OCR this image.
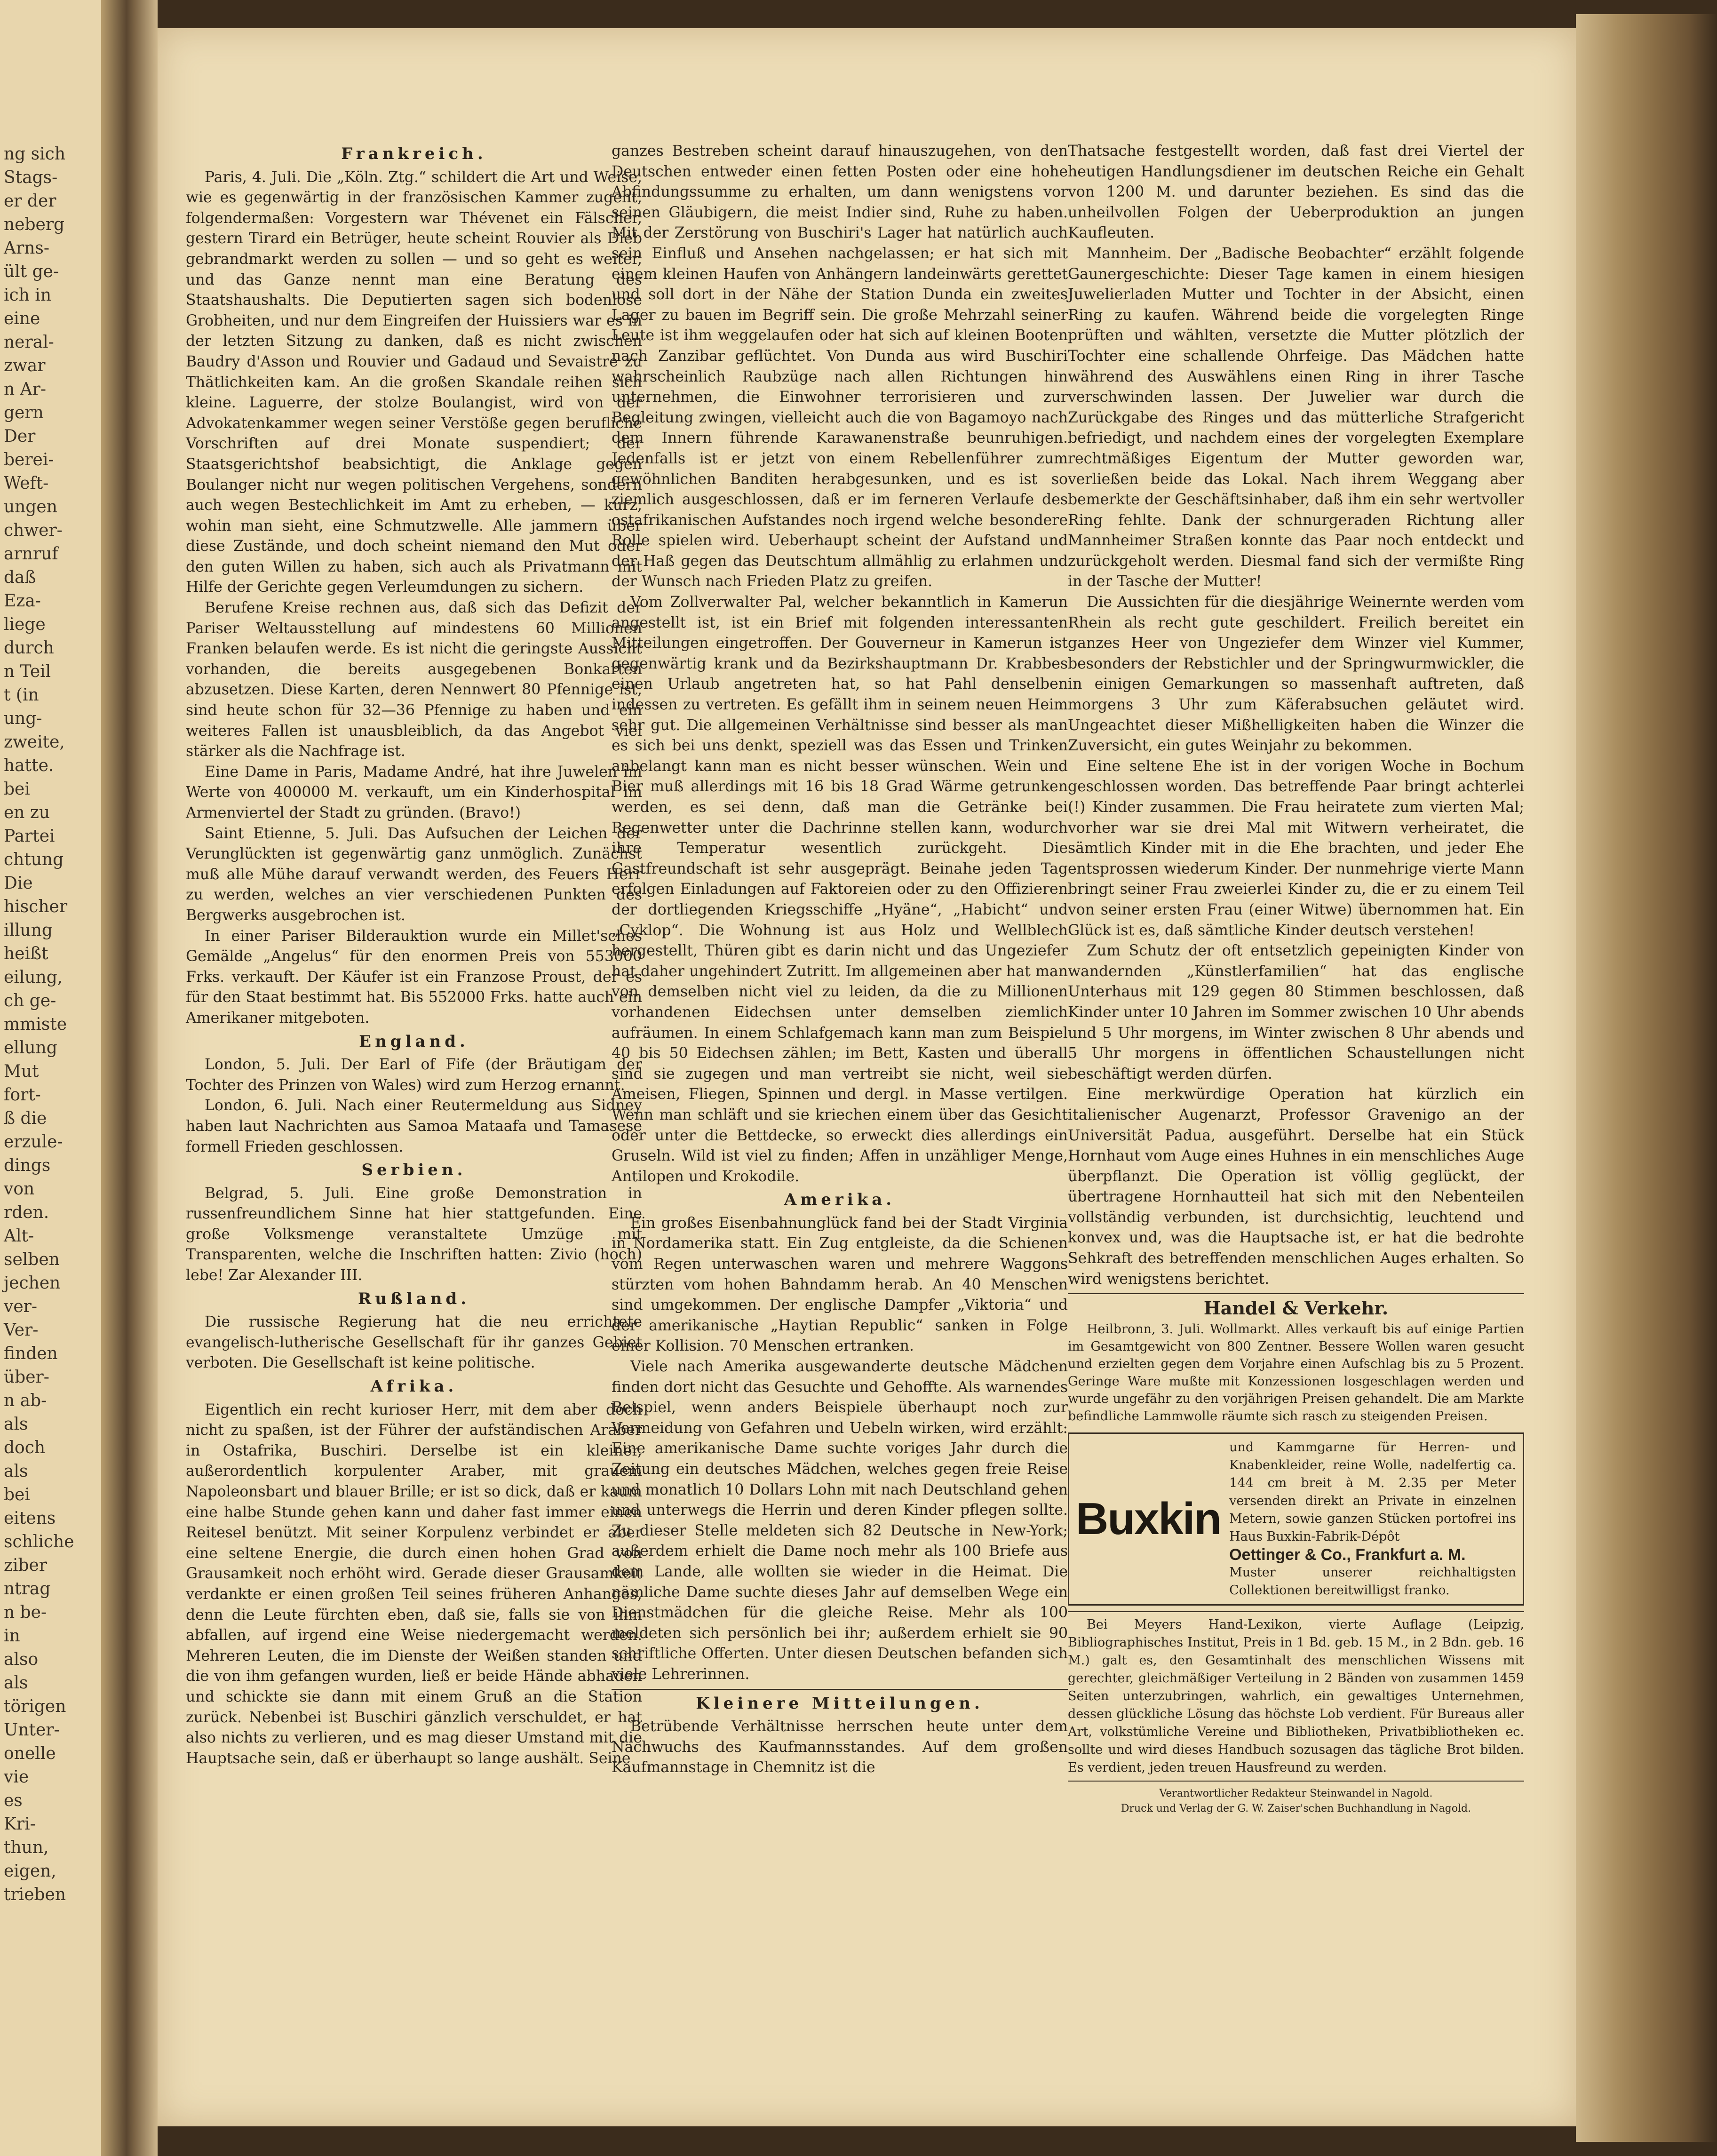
ng sich
Stags-
er der
neberg
Arns-
ült ge-
ich in
eine
neral-
zwar
n Ar-
gern
Der
berei-
Weft-
ungen
chwer-
arnruf
daß
Eza-
liege
durch
n Teil
t (in
ung-
zweite,
hatte.
bei
en zu
Partei
chtung
Die
hischer
illung
heißt
eilung,
ch ge-
mmiste
ellung
Mut
fort-
ß die
erzule-
dings
von
rden.
Alt-
selben
jechen
ver-
Ver-
finden
über-
n ab-
als
doch
als
bei
eitens
schliche
ziber
ntrag
n be-
in
also
als
törigen
Unter-
onelle
vie
es
Kri-
thun,
eigen,
trieben
Frankreich.

Paris, 4. Juli. Die „Köln. Ztg.“ schildert die Art und Weise, wie es gegenwärtig in der französischen Kammer zugeht, folgendermaßen: Vorgestern war Thévenet ein Fälscher, gestern Tirard ein Betrüger, heute scheint Rouvier als Dieb gebrandmarkt werden zu sollen — und so geht es weiter, und das Ganze nennt man eine Beratung des Staatshaushalts. Die Deputierten sagen sich bodenlose Grobheiten, und nur dem Eingreifen der Huissiers war es in der letzten Sitzung zu danken, daß es nicht zwischen Baudry d'Asson und Rouvier und Gadaud und Sevaistre zu Thätlichkeiten kam. An die großen Skandale reihen sich kleine. Laguerre, der stolze Boulangist, wird von der Advokatenkammer wegen seiner Verstöße gegen berufliche Vorschriften auf drei Monate suspendiert; der Staatsgerichtshof beabsichtigt, die Anklage gegen Boulanger nicht nur wegen politischen Vergehens, sondern auch wegen Bestechlichkeit im Amt zu erheben, — kurz, wohin man sieht, eine Schmutzwelle. Alle jammern über diese Zustände, und doch scheint niemand den Mut oder den guten Willen zu haben, sich auch als Privatmann mit Hilfe der Gerichte gegen Verleumdungen zu sichern.

Berufene Kreise rechnen aus, daß sich das Defizit der Pariser Weltausstellung auf mindestens 60 Millionen Franken belaufen werde. Es ist nicht die geringste Aussicht vorhanden, die bereits ausgegebenen Bonkarten abzusetzen. Diese Karten, deren Nennwert 80 Pfennige ist, sind heute schon für 32—36 Pfennige zu haben und ein weiteres Fallen ist unausbleiblich, da das Angebot viel stärker als die Nachfrage ist.

Eine Dame in Paris, Madame André, hat ihre Juwelen im Werte von 400000 M. verkauft, um ein Kinderhospital im Armenviertel der Stadt zu gründen. (Bravo!)

Saint Etienne, 5. Juli. Das Aufsuchen der Leichen der Verunglückten ist gegenwärtig ganz unmöglich. Zunächst muß alle Mühe darauf verwandt werden, des Feuers Herr zu werden, welches an vier verschiedenen Punkten des Bergwerks ausgebrochen ist.

In einer Pariser Bilderauktion wurde ein Millet'sches Gemälde „Angelus“ für den enormen Preis von 553000 Frks. verkauft. Der Käufer ist ein Franzose Proust, der es für den Staat bestimmt hat. Bis 552000 Frks. hatte auch ein Amerikaner mitgeboten.

England.

London, 5. Juli. Der Earl of Fife (der Bräutigam der Tochter des Prinzen von Wales) wird zum Herzog ernannt.

London, 6. Juli. Nach einer Reutermeldung aus Sidney haben laut Nachrichten aus Samoa Mataafa und Tamasese formell Frieden geschlossen.

Serbien.

Belgrad, 5. Juli. Eine große Demonstration in russenfreundlichem Sinne hat hier stattgefunden. Eine große Volksmenge veranstaltete Umzüge mit Transparenten, welche die Inschriften hatten: Zivio (hoch) lebe! Zar Alexander III.

Rußland.

Die russische Regierung hat die neu errichtete evangelisch-lutherische Gesellschaft für ihr ganzes Gebiet verboten. Die Gesellschaft ist keine politische.

Afrika.

Eigentlich ein recht kurioser Herr, mit dem aber doch nicht zu spaßen, ist der Führer der aufständischen Araber in Ostafrika, Buschiri. Derselbe ist ein kleiner, außerordentlich korpulenter Araber, mit grauem Napoleonsbart und blauer Brille; er ist so dick, daß er kaum eine halbe Stunde gehen kann und daher fast immer einen Reitesel benützt. Mit seiner Korpulenz verbindet er aber eine seltene Energie, die durch einen hohen Grad von Grausamkeit noch erhöht wird. Gerade dieser Grausamkeit verdankte er einen großen Teil seines früheren Anhanges, denn die Leute fürchten eben, daß sie, falls sie von ihm abfallen, auf irgend eine Weise niedergemacht werden. Mehreren Leuten, die im Dienste der Weißen standen und die von ihm gefangen wurden, ließ er beide Hände abhauen und schickte sie dann mit einem Gruß an die Station zurück. Nebenbei ist Buschiri gänzlich verschuldet, er hat also nichts zu verlieren, und es mag dieser Umstand mit die Hauptsache sein, daß er überhaupt so lange aushält. Seine

ganzes Bestreben scheint darauf hinauszugehen, von den Deutschen entweder einen fetten Posten oder eine hohe Abfindungssumme zu erhalten, um dann wenigstens vor seinen Gläubigern, die meist Indier sind, Ruhe zu haben. Mit der Zerstörung von Buschiri's Lager hat natürlich auch sein Einfluß und Ansehen nachgelassen; er hat sich mit einem kleinen Haufen von Anhängern landeinwärts gerettet und soll dort in der Nähe der Station Dunda ein zweites Lager zu bauen im Begriff sein. Die große Mehrzahl seiner Leute ist ihm weggelaufen oder hat sich auf kleinen Booten nach Zanzibar geflüchtet. Von Dunda aus wird Buschiri wahrscheinlich Raubzüge nach allen Richtungen hin unternehmen, die Einwohner terrorisieren und zur Begleitung zwingen, vielleicht auch die von Bagamoyo nach dem Innern führende Karawanenstraße beunruhigen. Jedenfalls ist er jetzt von einem Rebellenführer zum gewöhnlichen Banditen herabgesunken, und es ist so ziemlich ausgeschlossen, daß er im ferneren Verlaufe des ostafrikanischen Aufstandes noch irgend welche besondere Rolle spielen wird. Ueberhaupt scheint der Aufstand und der Haß gegen das Deutschtum allmählig zu erlahmen und der Wunsch nach Frieden Platz zu greifen.

Vom Zollverwalter Pal, welcher bekanntlich in Kamerun angestellt ist, ist ein Brief mit folgenden interessanten Mitteilungen eingetroffen. Der Gouverneur in Kamerun ist gegenwärtig krank und da Bezirkshauptmann Dr. Krabbes einen Urlaub angetreten hat, so hat Pahl denselben indessen zu vertreten. Es gefällt ihm in seinem neuen Heim sehr gut. Die allgemeinen Verhältnisse sind besser als man es sich bei uns denkt, speziell was das Essen und Trinken anbelangt kann man es nicht besser wünschen. Wein und Bier muß allerdings mit 16 bis 18 Grad Wärme getrunken werden, es sei denn, daß man die Getränke bei Regenwetter unter die Dachrinne stellen kann, wodurch ihre Temperatur wesentlich zurückgeht. Die Gastfreundschaft ist sehr ausgeprägt. Beinahe jeden Tag erfolgen Einladungen auf Faktoreien oder zu den Offizieren der dortliegenden Kriegsschiffe „Hyäne“, „Habicht“ und „Cyklop“. Die Wohnung ist aus Holz und Wellblech hergestellt, Thüren gibt es darin nicht und das Ungeziefer hat daher ungehindert Zutritt. Im allgemeinen aber hat man von demselben nicht viel zu leiden, da die zu Millionen vorhandenen Eidechsen unter demselben ziemlich aufräumen. In einem Schlafgemach kann man zum Beispiel 40 bis 50 Eidechsen zählen; im Bett, Kasten und überall sind sie zugegen und man vertreibt sie nicht, weil sie Ameisen, Fliegen, Spinnen und dergl. in Masse vertilgen. Wenn man schläft und sie kriechen einem über das Gesicht oder unter die Bettdecke, so erweckt dies allerdings ein Gruseln. Wild ist viel zu finden; Affen in unzähliger Menge, Antilopen und Krokodile.

Amerika.

Ein großes Eisenbahnunglück fand bei der Stadt Virginia in Nordamerika statt. Ein Zug entgleiste, da die Schienen vom Regen unterwaschen waren und mehrere Waggons stürzten vom hohen Bahndamm herab. An 40 Menschen sind umgekommen. Der englische Dampfer „Viktoria“ und der amerikanische „Haytian Republic“ sanken in Folge einer Kollision. 70 Menschen ertranken.

Viele nach Amerika ausgewanderte deutsche Mädchen finden dort nicht das Gesuchte und Gehoffte. Als warnendes Beispiel, wenn anders Beispiele überhaupt noch zur Vermeidung von Gefahren und Uebeln wirken, wird erzählt: Eine amerikanische Dame suchte voriges Jahr durch die Zeitung ein deutsches Mädchen, welches gegen freie Reise und monatlich 10 Dollars Lohn mit nach Deutschland gehen und unterwegs die Herrin und deren Kinder pflegen sollte. Zu dieser Stelle meldeten sich 82 Deutsche in New-York; außerdem erhielt die Dame noch mehr als 100 Briefe aus dem Lande, alle wollten sie wieder in die Heimat. Die nämliche Dame suchte dieses Jahr auf demselben Wege ein Dienstmädchen für die gleiche Reise. Mehr als 100 meldeten sich persönlich bei ihr; außerdem erhielt sie 90 schriftliche Offerten. Unter diesen Deutschen befanden sich viele Lehrerinnen.

Kleinere Mitteilungen.

Betrübende Verhältnisse herrschen heute unter dem Nachwuchs des Kaufmannsstandes. Auf dem großen Kaufmannstage in Chemnitz ist die

Thatsache festgestellt worden, daß fast drei Viertel der heutigen Handlungsdiener im deutschen Reiche ein Gehalt von 1200 M. und darunter beziehen. Es sind das die unheilvollen Folgen der Ueberproduktion an jungen Kaufleuten.

Mannheim. Der „Badische Beobachter“ erzählt folgende Gaunergeschichte: Dieser Tage kamen in einem hiesigen Juwelierladen Mutter und Tochter in der Absicht, einen Ring zu kaufen. Während beide die vorgelegten Ringe prüften und wählten, versetzte die Mutter plötzlich der Tochter eine schallende Ohrfeige. Das Mädchen hatte während des Auswählens einen Ring in ihrer Tasche verschwinden lassen. Der Juwelier war durch die Zurückgabe des Ringes und das mütterliche Strafgericht befriedigt, und nachdem eines der vorgelegten Exemplare rechtmäßiges Eigentum der Mutter geworden war, verließen beide das Lokal. Nach ihrem Weggang aber bemerkte der Geschäftsinhaber, daß ihm ein sehr wertvoller Ring fehlte. Dank der schnurgeraden Richtung aller Mannheimer Straßen konnte das Paar noch entdeckt und zurückgeholt werden. Diesmal fand sich der vermißte Ring in der Tasche der Mutter!

Die Aussichten für die diesjährige Weinernte werden vom Rhein als recht gute geschildert. Freilich bereitet ein ganzes Heer von Ungeziefer dem Winzer viel Kummer, besonders der Rebstichler und der Springwurmwickler, die in einigen Gemarkungen so massenhaft auftreten, daß morgens 3 Uhr zum Käferabsuchen geläutet wird. Ungeachtet dieser Mißhelligkeiten haben die Winzer die Zuversicht, ein gutes Weinjahr zu bekommen.

Eine seltene Ehe ist in der vorigen Woche in Bochum geschlossen worden. Das betreffende Paar bringt achterlei (!) Kinder zusammen. Die Frau heiratete zum vierten Mal; vorher war sie drei Mal mit Witwern verheiratet, die sämtlich Kinder mit in die Ehe brachten, und jeder Ehe entsprossen wiederum Kinder. Der nunmehrige vierte Mann bringt seiner Frau zweierlei Kinder zu, die er zu einem Teil von seiner ersten Frau (einer Witwe) übernommen hat. Ein Glück ist es, daß sämtliche Kinder deutsch verstehen!

Zum Schutz der oft entsetzlich gepeinigten Kinder von wandernden „Künstlerfamilien“ hat das englische Unterhaus mit 129 gegen 80 Stimmen beschlossen, daß Kinder unter 10 Jahren im Sommer zwischen 10 Uhr abends und 5 Uhr morgens, im Winter zwischen 8 Uhr abends und 5 Uhr morgens in öffentlichen Schaustellungen nicht beschäftigt werden dürfen.

Eine merkwürdige Operation hat kürzlich ein italienischer Augenarzt, Professor Gravenigo an der Universität Padua, ausgeführt. Derselbe hat ein Stück Hornhaut vom Auge eines Huhnes in ein menschliches Auge überpflanzt. Die Operation ist völlig geglückt, der übertragene Hornhautteil hat sich mit den Nebenteilen vollständig verbunden, ist durchsichtig, leuchtend und konvex und, was die Hauptsache ist, er hat die bedrohte Sehkraft des betreffenden menschlichen Auges erhalten. So wird wenigstens berichtet.

Handel & Verkehr.
Heilbronn, 3. Juli. Wollmarkt. Alles verkauft bis auf einige Partien im Gesamtgewicht von 800 Zentner. Bessere Wollen waren gesucht und erzielten gegen dem Vorjahre einen Aufschlag bis zu 5 Prozent. Geringe Ware mußte mit Konzessionen losgeschlagen werden und wurde ungefähr zu den vorjährigen Preisen gehandelt. Die am Markte befindliche Lammwolle räumte sich rasch zu steigenden Preisen.
Buxkin
und Kammgarne für Herren- und Knabenkleider, reine Wolle, nadelfertig ca. 144 cm breit à M. 2.35 per Meter versenden direkt an Private in einzelnen Metern, sowie ganzen Stücken portofrei ins Haus Buxkin-Fabrik-Dépôt
Oettinger & Co., Frankfurt a. M.
Muster unserer reichhaltigsten Collektionen bereitwilligst franko.

Bei Meyers Hand-Lexikon, vierte Auflage (Leipzig, Bibliographisches Institut, Preis in 1 Bd. geb. 15 M., in 2 Bdn. geb. 16 M.) galt es, den Gesamtinhalt des menschlichen Wissens mit gerechter, gleichmäßiger Verteilung in 2 Bänden von zusammen 1459 Seiten unterzubringen, wahrlich, ein gewaltiges Unternehmen, dessen glückliche Lösung das höchste Lob verdient. Für Bureaus aller Art, volkstümliche Vereine und Bibliotheken, Privatbibliotheken ec. sollte und wird dieses Handbuch sozusagen das tägliche Brot bilden. Es verdient, jeden treuen Hausfreund zu werden.

Verantwortlicher Redakteur Steinwandel in Nagold.
Druck und Verlag der G. W. Zaiser'schen Buchhandlung in Nagold.
